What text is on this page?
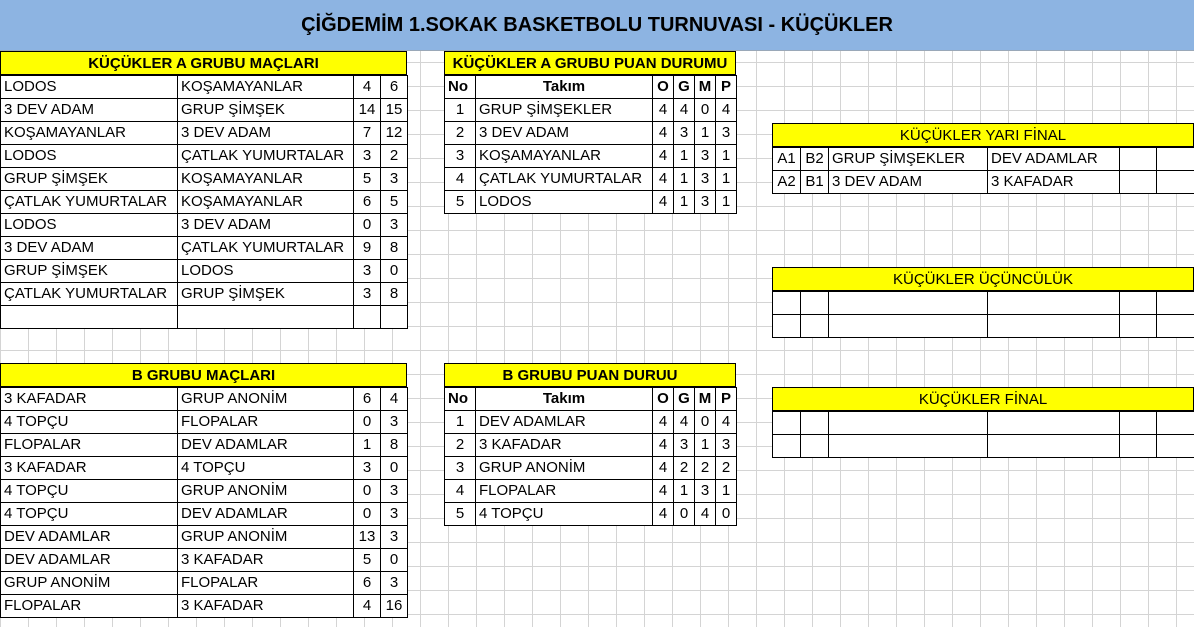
ÇİĞDEMİM 1.SOKAK BASKETBOLU TURNUVASI - KÜÇÜKLER
KÜÇÜKLER A GRUBU MAÇLARI
LODOS	KOŞAMAYANLAR	4	6
3 DEV ADAM	GRUP ŞİMŞEK	14	15
KOŞAMAYANLAR	3 DEV ADAM	7	12
LODOS	ÇATLAK YUMURTALAR	3	2
GRUP ŞİMŞEK	KOŞAMAYANLAR	5	3
ÇATLAK YUMURTALAR	KOŞAMAYANLAR	6	5
LODOS	3 DEV ADAM	0	3
3 DEV ADAM	ÇATLAK YUMURTALAR	9	8
GRUP ŞİMŞEK	LODOS	3	0
ÇATLAK YUMURTALAR	GRUP ŞİMŞEK	3	8

KÜÇÜKLER A GRUBU PUAN DURUMU
No	Takım	O	G	M	P
1	GRUP ŞİMŞEKLER	4	4	0	4
2	3 DEV ADAM	4	3	1	3
3	KOŞAMAYANLAR	4	1	3	1
4	ÇATLAK YUMURTALAR	4	1	3	1
5	LODOS	4	1	3	1
KÜÇÜKLER YARI FİNAL
A1	B2	GRUP ŞİMŞEKLER	DEV ADAMLAR		
A2	B1	3 DEV ADAM	3 KAFADAR		
KÜÇÜKLER ÜÇÜNCÜLÜK

KÜÇÜKLER FİNAL

B GRUBU MAÇLARI
3 KAFADAR	GRUP ANONİM	6	4
4 TOPÇU	FLOPALAR	0	3
FLOPALAR	DEV ADAMLAR	1	8
3 KAFADAR	4 TOPÇU	3	0
4 TOPÇU	GRUP ANONİM	0	3
4 TOPÇU	DEV ADAMLAR	0	3
DEV ADAMLAR	GRUP ANONİM	13	3
DEV ADAMLAR	3 KAFADAR	5	0
GRUP ANONİM	FLOPALAR	6	3
FLOPALAR	3 KAFADAR	4	16
B GRUBU PUAN DURUU
No	Takım	O	G	M	P
1	DEV ADAMLAR	4	4	0	4
2	3 KAFADAR	4	3	1	3
3	GRUP ANONİM	4	2	2	2
4	FLOPALAR	4	1	3	1
5	4 TOPÇU	4	0	4	0
